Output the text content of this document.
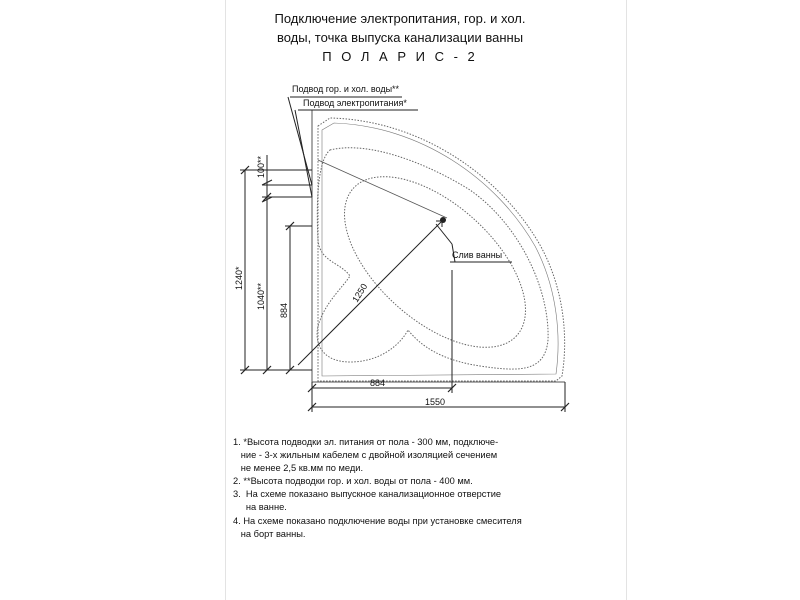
Подключение электропитания, гор. и хол.
воды, точка выпуска канализации ванны
П О Л А Р И С - 2
Подвод гор. и хол. воды**
Подвод электропитания*
Слив ванны
100**
1240*
1040**
884
1250
884
1550
1. *Высота подводки эл. питания от пола - 300 мм, подключе-
ние - 3-х жильным кабелем с двойной изоляцией сечением
не менее 2,5 кв.мм по меди.
2. **Высота подводки гор. и хол. воды от пола - 400 мм.
3.  На схеме показано выпускное канализационное отверстие
на ванне.
4. На схеме показано подключение воды при установке смесителя
на борт ванны.
